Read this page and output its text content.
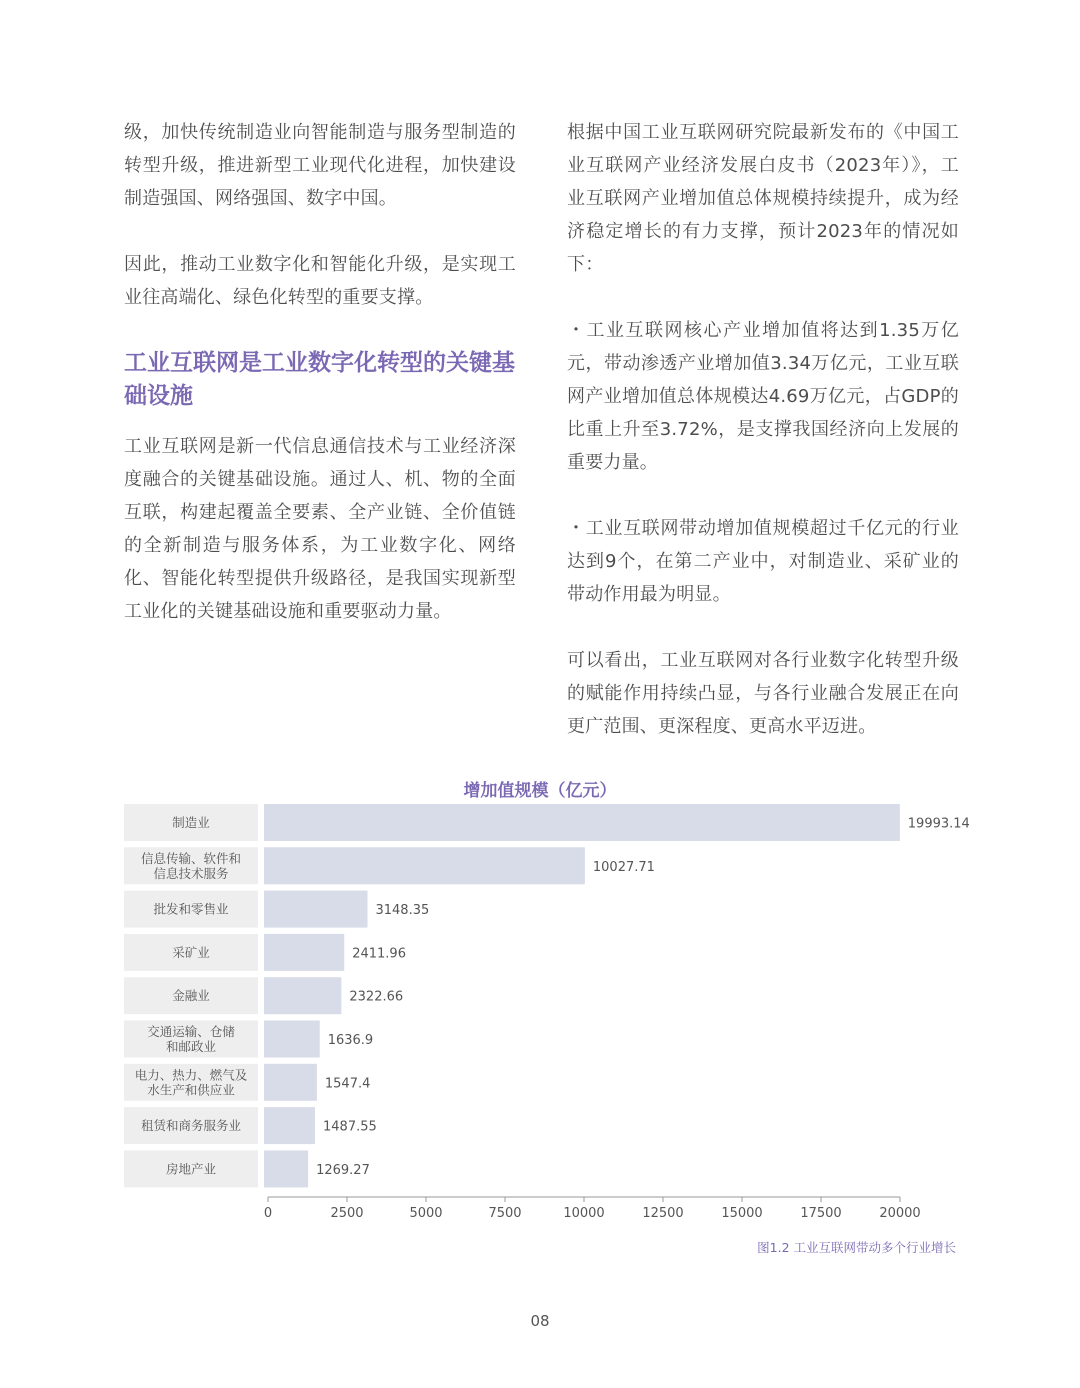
级，加快传统制造业向智能制造与服务型制造的转型升级，推进新型工业现代化进程，加快建设制造强国、网络强国、数字中国。

因此，推动工业数字化和智能化升级，是实现工业往高端化、绿色化转型的重要支撑。

工业互联网是工业数字化转型的关键基础设施

工业互联网是新一代信息通信技术与工业经济深度融合的关键基础设施。通过人、机、物的全面互联，构建起覆盖全要素、全产业链、全价值链的全新制造与服务体系，为工业数字化、网络化、智能化转型提供升级路径，是我国实现新型工业化的关键基础设施和重要驱动力量。

根据中国工业互联网研究院最新发布的《中国工业互联网产业经济发展白皮书（2023年）》，工业互联网产业增加值总体规模持续提升，成为经济稳定增长的有力支撑，预计2023年的情况如下：

・工业互联网核心产业增加值将达到1.35万亿元，带动渗透产业增加值3.34万亿元，工业互联网产业增加值总体规模达4.69万亿元，占GDP的比重上升至3.72%，是支撑我国经济向上发展的重要力量。

・工业互联网带动增加值规模超过千亿元的行业达到9个，在第二产业中，对制造业、采矿业的带动作用最为明显。

可以看出，工业互联网对各行业数字化转型升级的赋能作用持续凸显，与各行业融合发展正在向更广范围、更深程度、更高水平迈进。

增加值规模（亿元）
制造业	19993.14
信息传输、软件和信息技术服务	10027.71
批发和零售业	3148.35
采矿业	2411.96
金融业	2322.66
交通运输、仓储和邮政业	1636.9
电力、热力、燃气及水生产和供应业	1547.4
租赁和商务服务业	1487.55
房地产业	1269.27
0	2500	5000	7500	10000	12500	15000	17500	20000
图1.2 工业互联网带动多个行业增长
08
